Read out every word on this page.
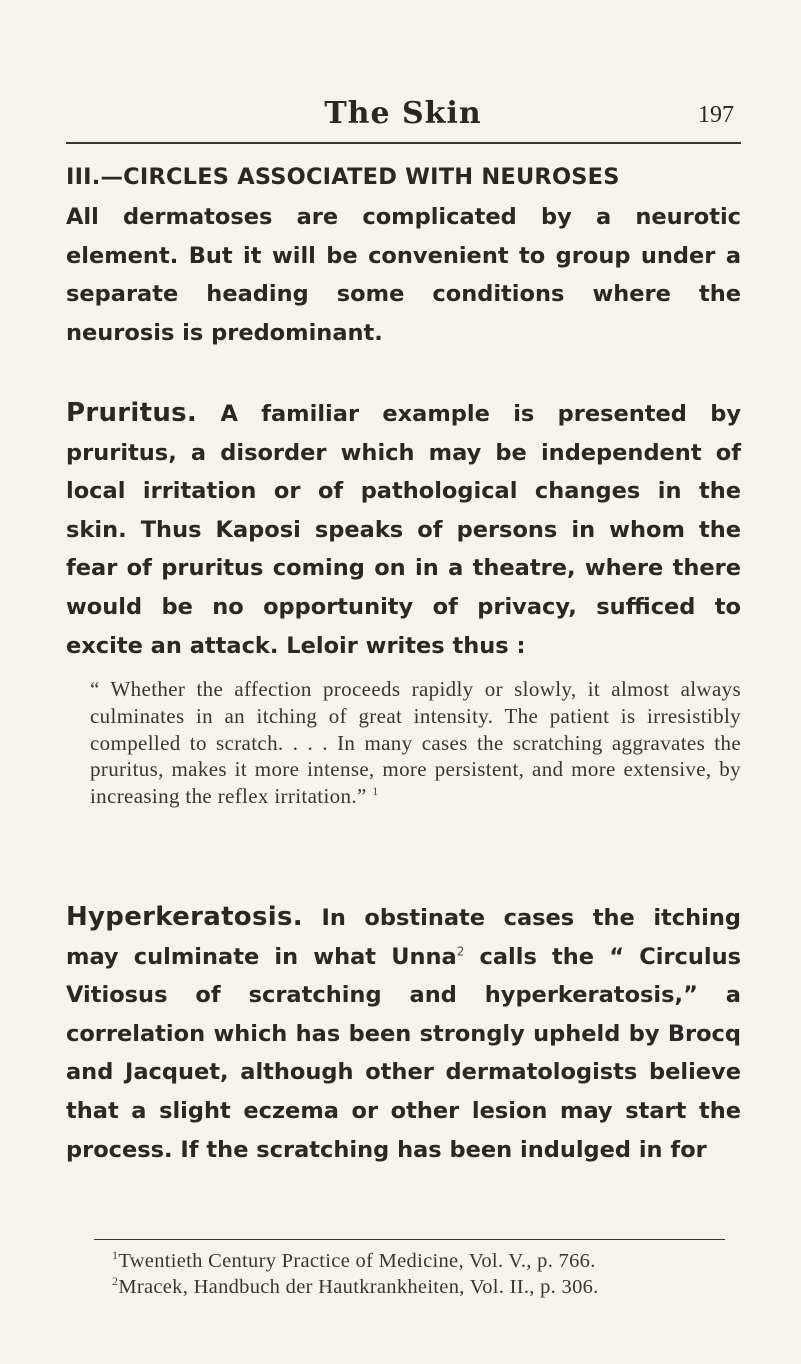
The Skin	197
III.—CIRCLES ASSOCIATED WITH NEUROSES
All dermatoses are complicated by a neurotic element. But it will be convenient to group under a separate heading some conditions where the neurosis is predominant.
Pruritus. A familiar example is presented by pruritus, a disorder which may be independent of local irritation or of pathological changes in the skin. Thus Kaposi speaks of persons in whom the fear of pruritus coming on in a theatre, where there would be no opportunity of privacy, sufficed to excite an attack. Leloir writes thus :
“ Whether the affection proceeds rapidly or slowly, it almost always culminates in an itching of great intensity. The patient is irresistibly compelled to scratch. . . . In many cases the scratching aggravates the pruritus, makes it more intense, more persistent, and more extensive, by increasing the reflex irritation.” $^1$
Hyperkeratosis. In obstinate cases the itching may culminate in what Unna$^2$ calls the “ Circulus Vitiosus of scratching and hyperkeratosis,” a correlation which has been strongly upheld by Brocq and Jacquet, although other dermatologists believe that a slight eczema or other lesion may start the process. If the scratching has been indulged in for
$^1$Twentieth Century Practice of Medicine, Vol. V., p. 766.
$^2$Mracek, Handbuch der Hautkrankheiten, Vol. II., p. 306.
